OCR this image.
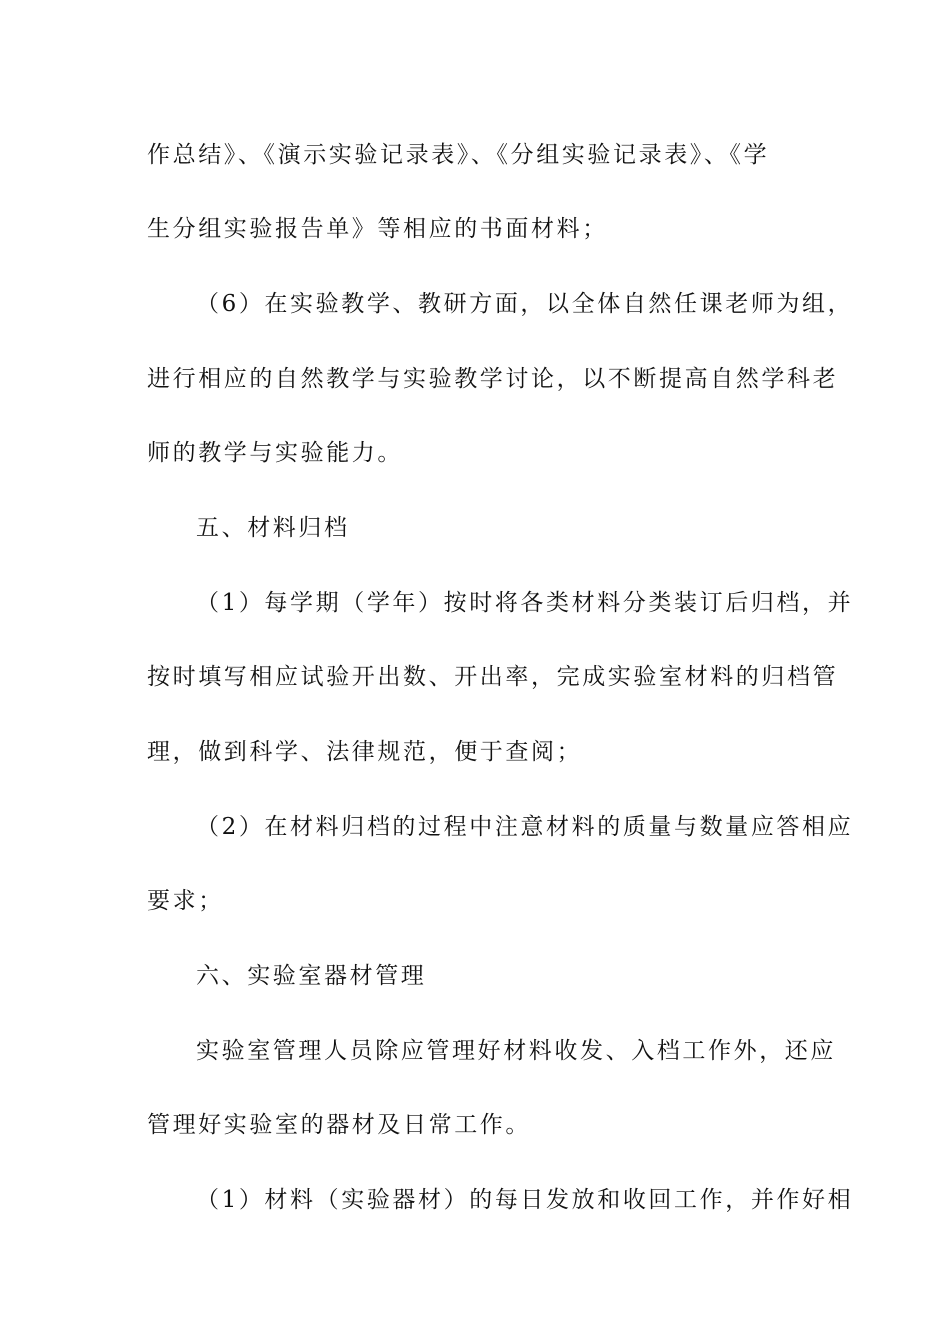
作总结》、《演示实验记录表》、《分组实验记录表》、《学
生分组实验报告单》等相应的书面材料；
（6）在实验教学、教研方面，以全体自然任课老师为组，
进行相应的自然教学与实验教学讨论，以不断提高自然学科老
师的教学与实验能力。
五、材料归档
（1）每学期（学年）按时将各类材料分类装订后归档，并
按时填写相应试验开出数、开出率，完成实验室材料的归档管
理，做到科学、法律规范，便于查阅；
（2）在材料归档的过程中注意材料的质量与数量应答相应
要求；
六、实验室器材管理
实验室管理人员除应管理好材料收发、入档工作外，还应
管理好实验室的器材及日常工作。
（1）材料（实验器材）的每日发放和收回工作，并作好相
